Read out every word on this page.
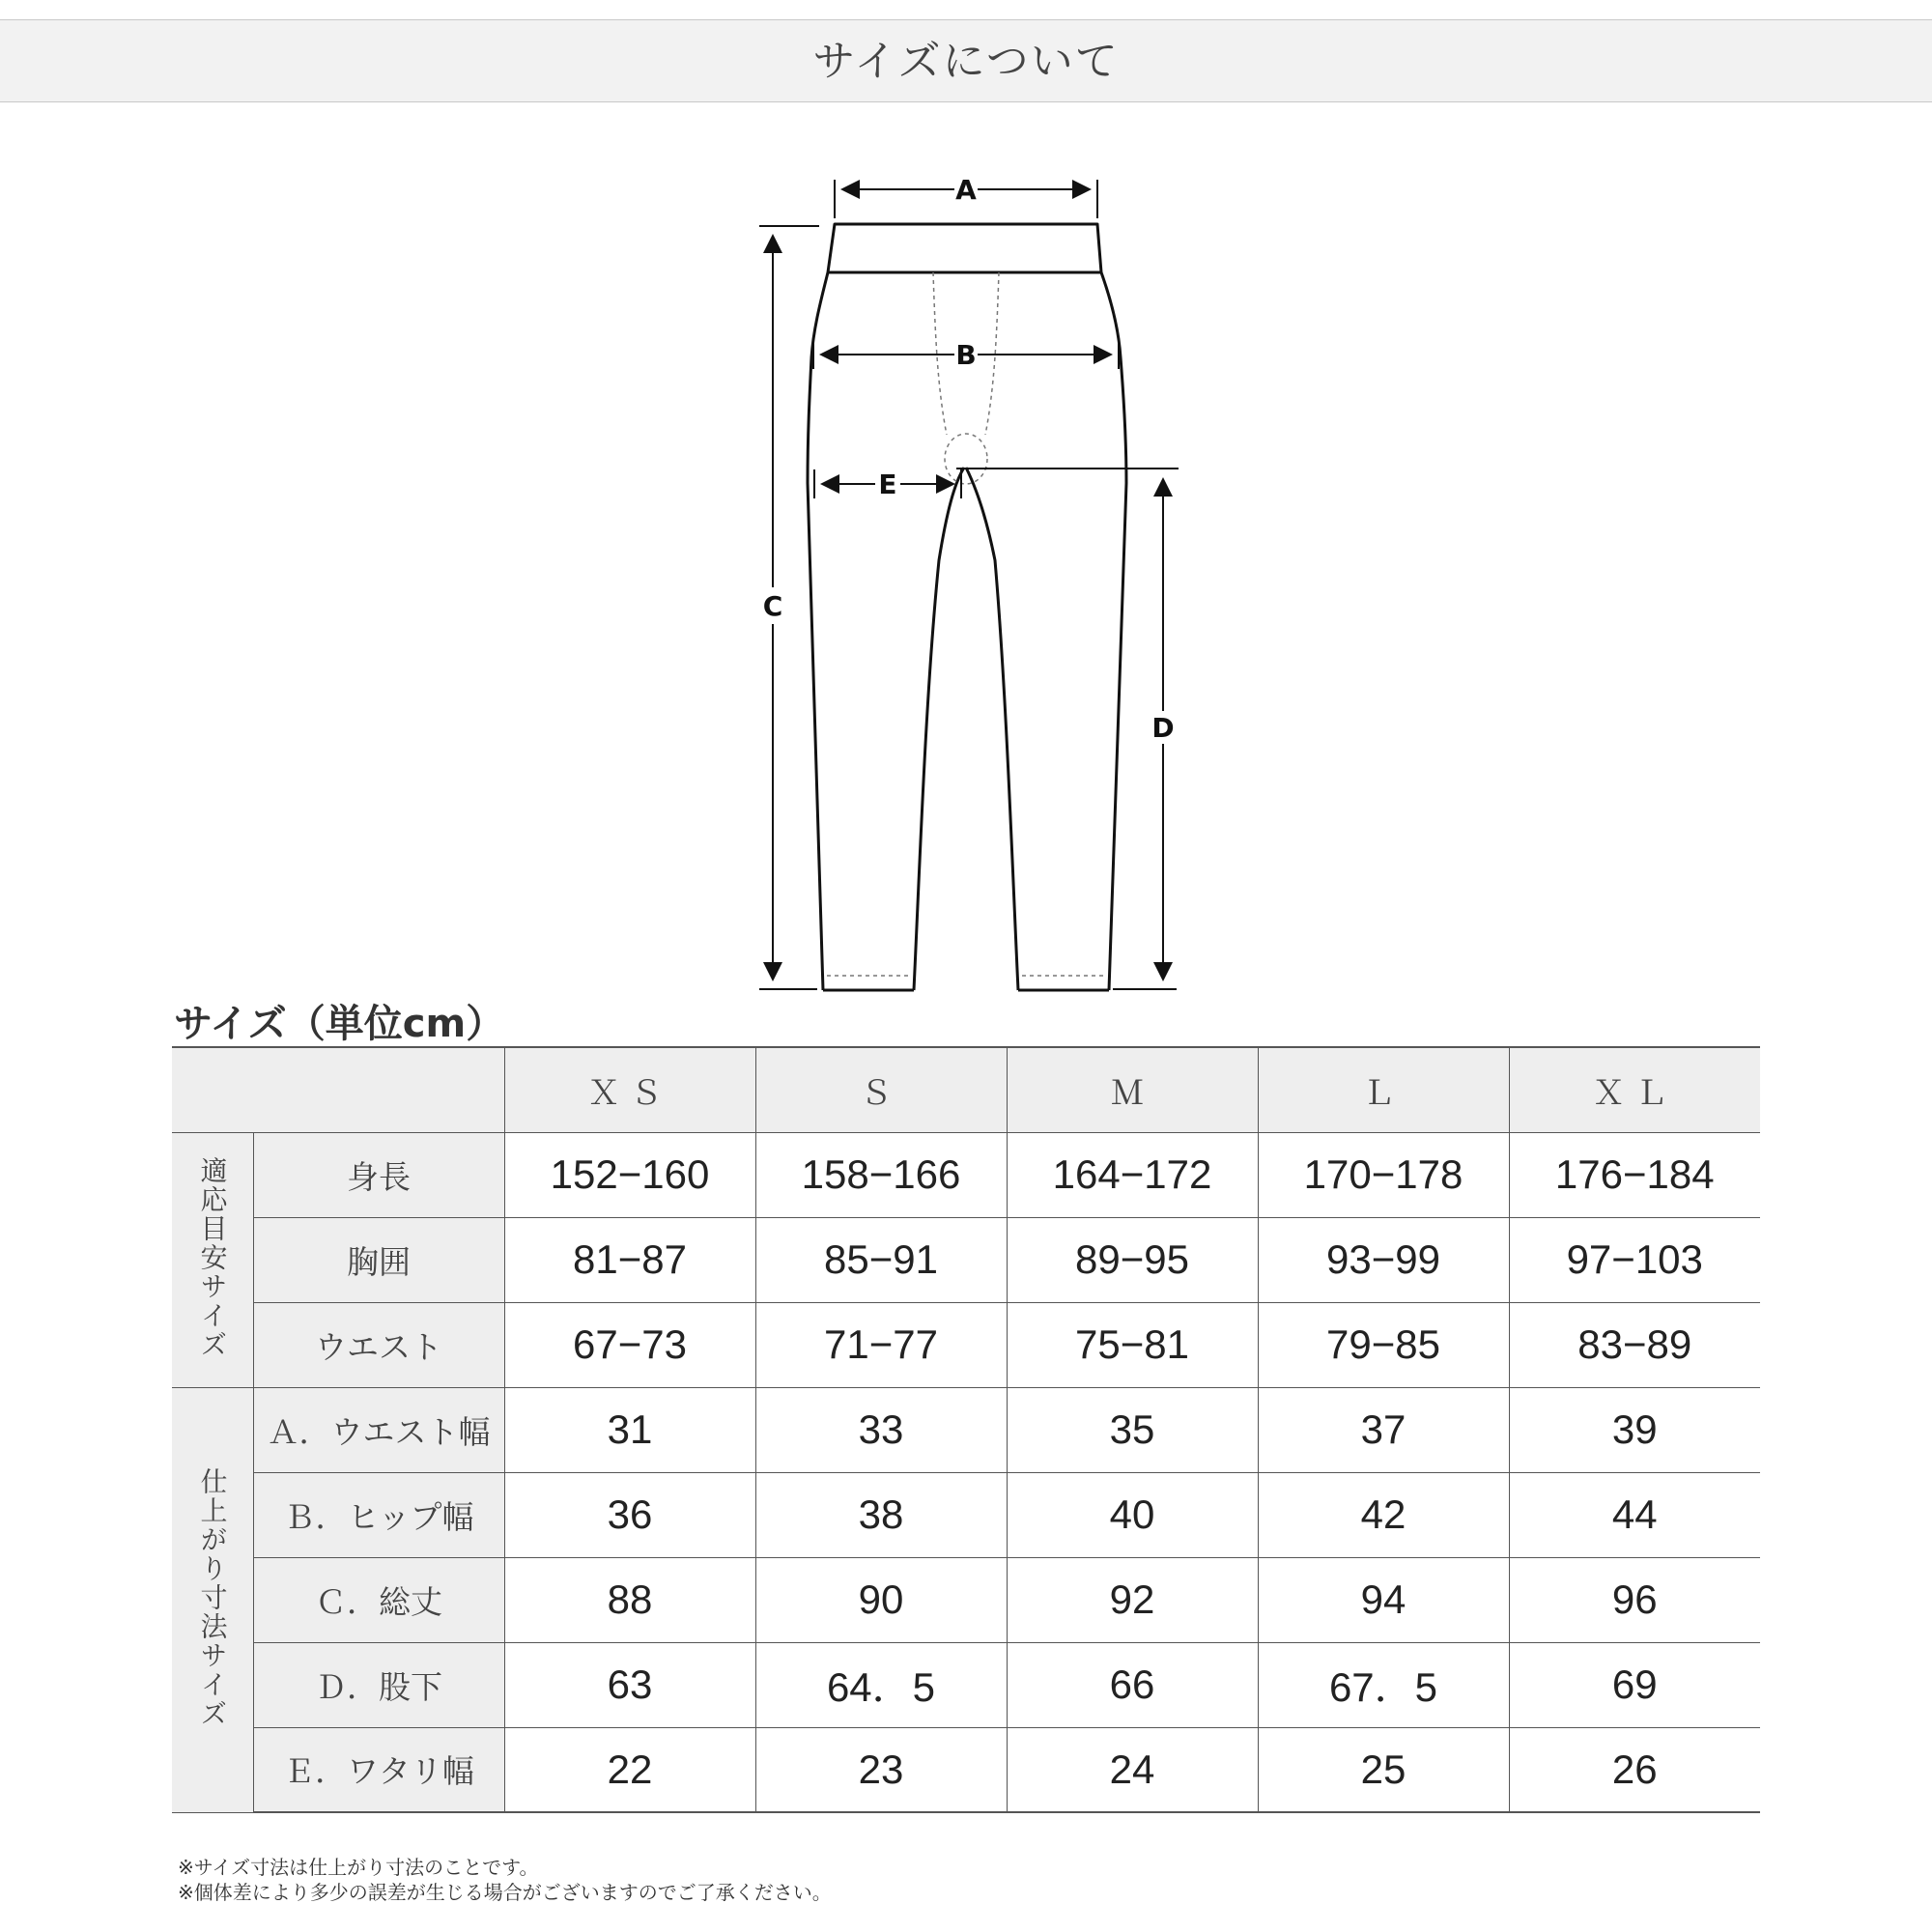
サイズについて
A
B
C
D
E
サイズ（単位cm）
		ＸＳ	Ｓ	Ｍ	Ｌ	ＸＬ
適応目安サイズ	身長	152−160	158−166	164−172	170−178	176−184
	胸囲	81−87	85−91	89−95	93−99	97−103
	ウエスト	67−73	71−77	75−81	79−85	83−89
仕上がり寸法サイズ	Ａ．ウエスト幅	31	33	35	37	39
	Ｂ．ヒップ幅	36	38	40	42	44
	Ｃ．総丈	88	90	92	94	96
	Ｄ．股下	63	64．5	66	67．5	69
	Ｅ．ワタリ幅	22	23	24	25	26

※サイズ寸法は仕上がり寸法のことです。

※個体差により多少の誤差が生じる場合がございますのでご了承ください。
